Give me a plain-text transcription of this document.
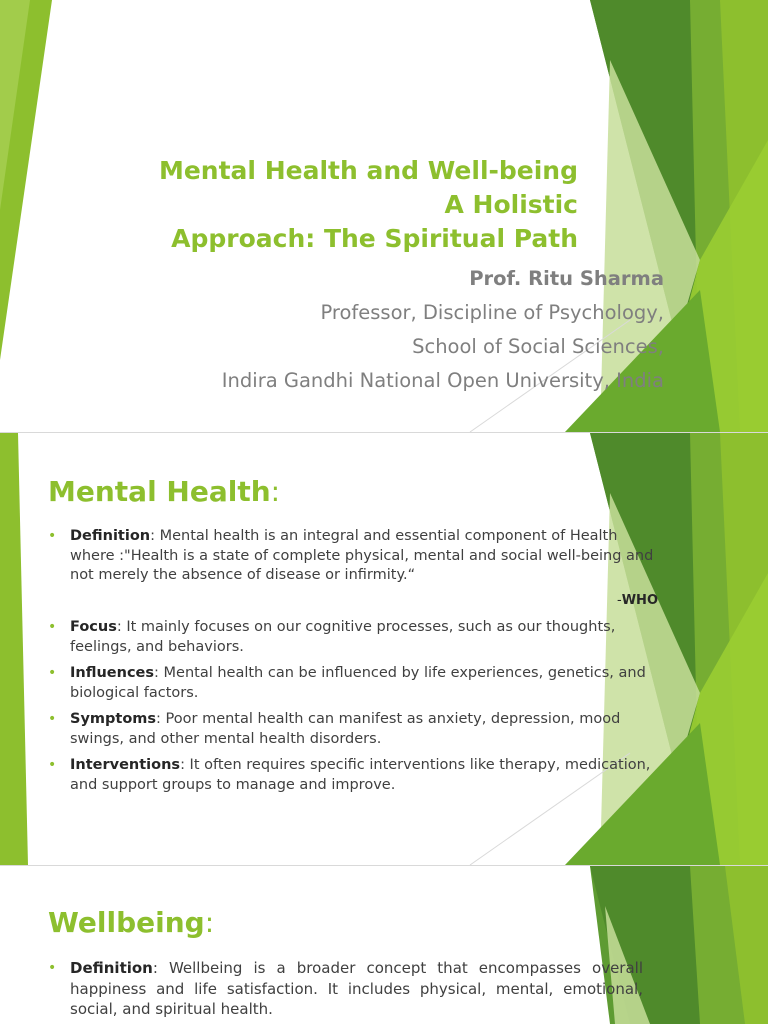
Mental Health and Well-being
A Holistic
Approach: The Spiritual Path
Prof. Ritu Sharma
Professor, Discipline of Psychology,
School of Social Sciences,
Indira Gandhi National Open University, India
Mental Health:
• Definition: Mental health is an integral and essential component of Health where :"Health is a state of complete physical, mental and social well-being and not merely the absence of disease or infirmity.“
-WHO
• Focus: It mainly focuses on our cognitive processes, such as our thoughts, feelings, and behaviors.
• Influences: Mental health can be influenced by life experiences, genetics, and biological factors.
• Symptoms: Poor mental health can manifest as anxiety, depression, mood swings, and other mental health disorders.
• Interventions: It often requires specific interventions like therapy, medication, and support groups to manage and improve.
Wellbeing:
• Definition: Wellbeing is a broader concept that encompasses overall happiness and life satisfaction. It includes physical, mental, emotional, social, and spiritual health.
